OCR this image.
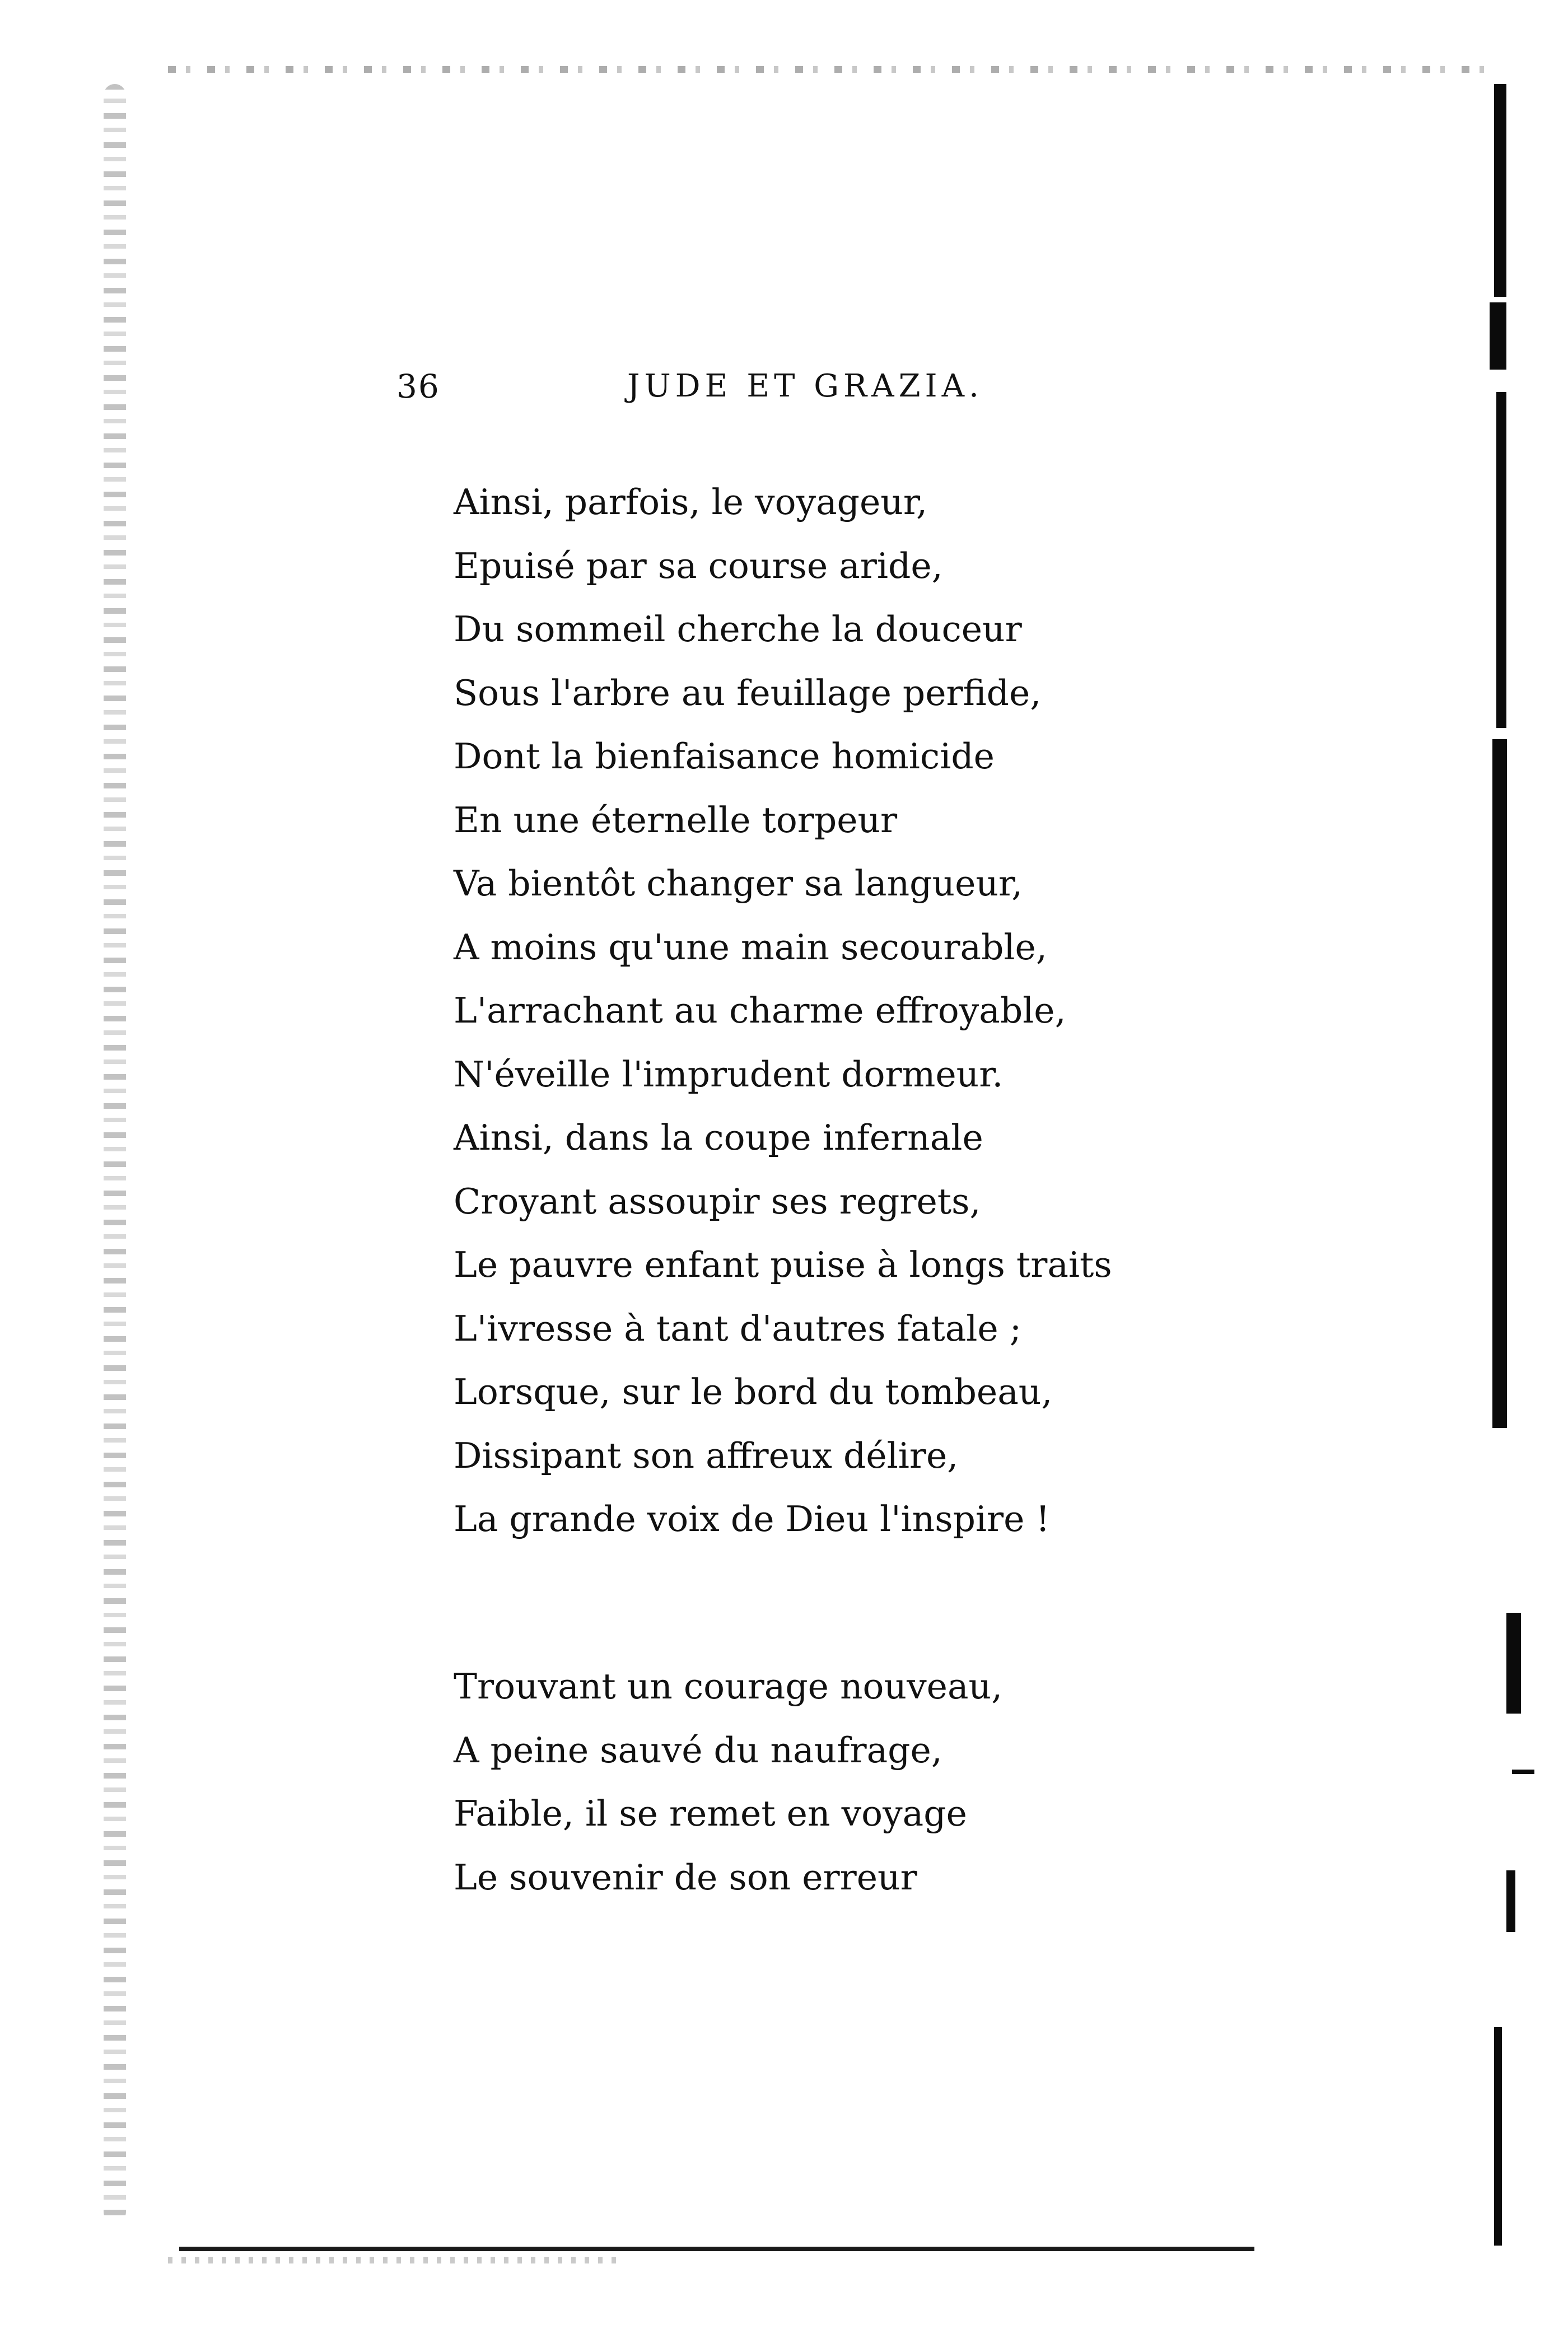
36	JUDE ET GRAZIA.
Ainsi, parfois, le voyageur,
Epuisé par sa course aride,
Du sommeil cherche la douceur
Sous l'arbre au feuillage perfide,
Dont la bienfaisance homicide
En une éternelle torpeur
Va bientôt changer sa langueur,
A moins qu'une main secourable,
L'arrachant au charme effroyable,
N'éveille l'imprudent dormeur.
Ainsi, dans la coupe infernale
Croyant assoupir ses regrets,
Le pauvre enfant puise à longs traits
L'ivresse à tant d'autres fatale ;
Lorsque, sur le bord du tombeau,
Dissipant son affreux délire,
La grande voix de Dieu l'inspire !
Trouvant un courage nouveau,
A peine sauvé du naufrage,
Faible, il se remet en voyage
Le souvenir de son erreur
